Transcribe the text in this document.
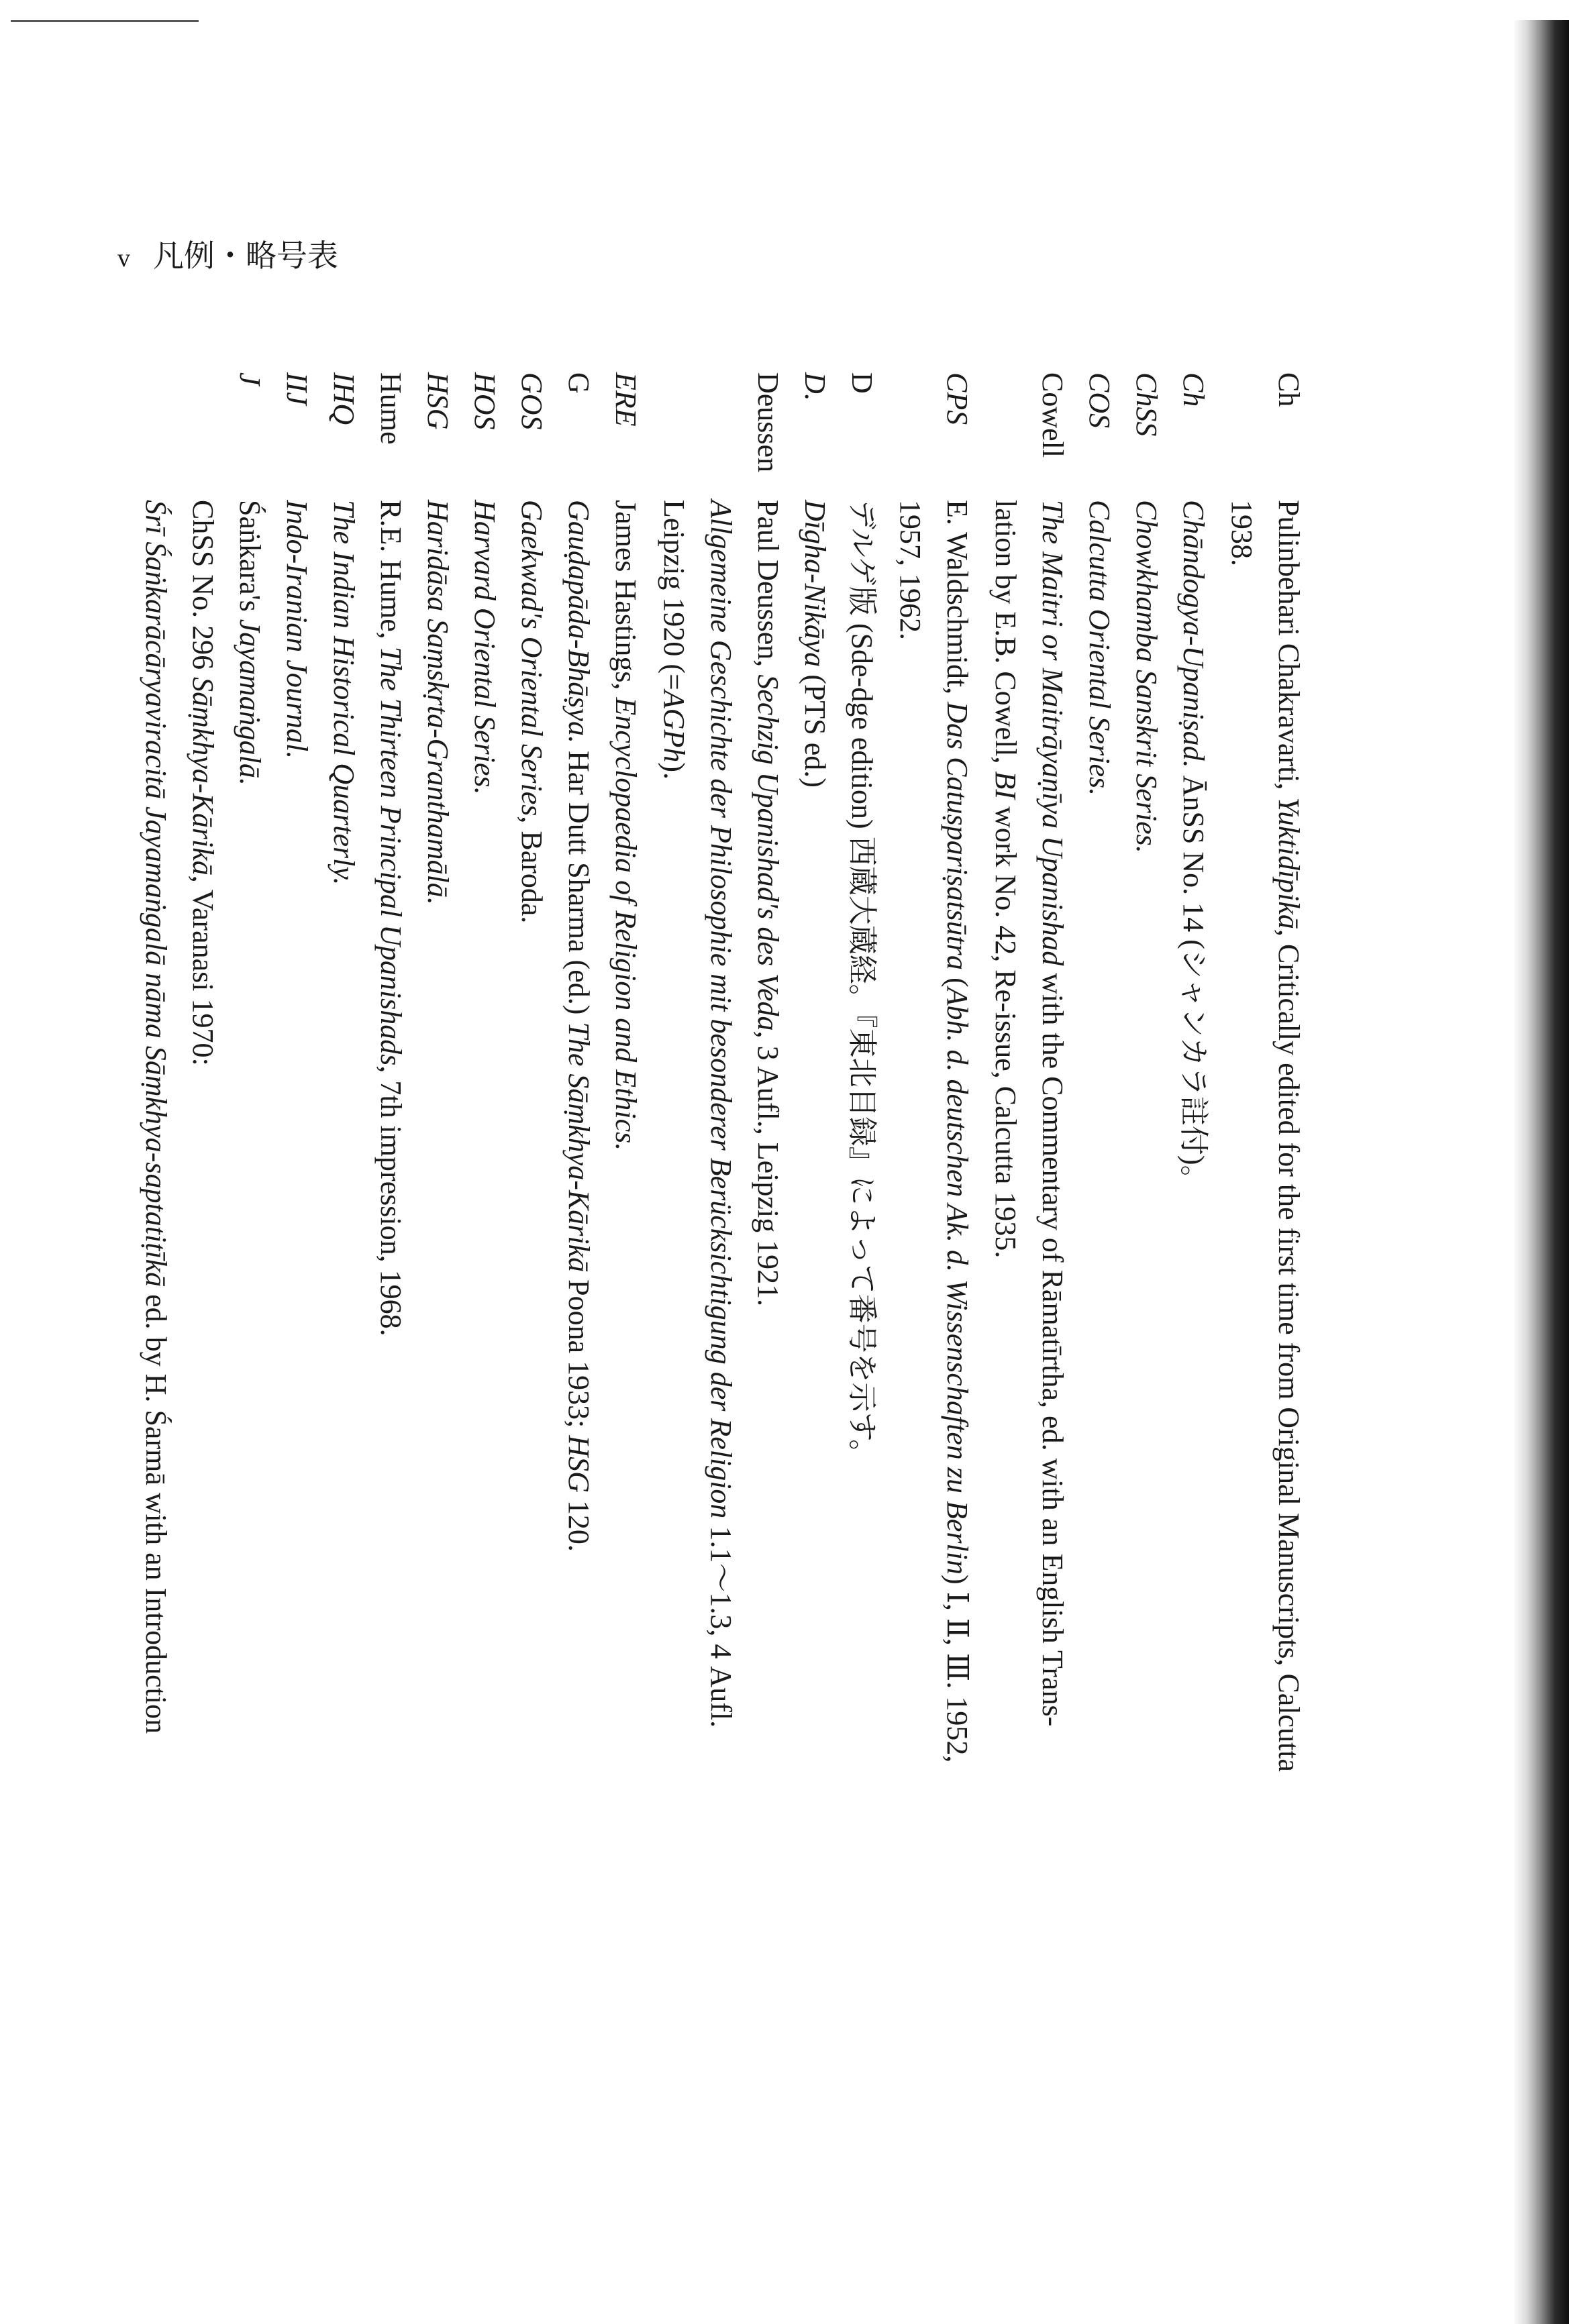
v 凡例・略号表
Ch
Pulinbehari Chakravarti, Yuktidīpikā, Critically edited for the first time from Original Manuscripts, Calcutta
1938.
Ch
Chāndogya-Upaniṣad. ĀnSS No. 14 (シャンカラ註付)。
ChSS
Chowkhamba Sanskrit Series.
COS
Calcutta Oriental Series.
Cowell
The Maitri or Maitrāyaṇīya Upanishad with the Commentary of Rāmatīrtha, ed. with an English Trans-
lation by E.B. Cowell, BI work No. 42, Re-issue, Calcutta 1935.
CPS
E. Waldschmidt, Das Catuṣpariṣatsūtra (Abh. d. deutschen Ak. d. Wissenschaften zu Berlin) Ⅰ, Ⅱ, Ⅲ. 1952,
1957, 1962.
D
デルゲ版 (Sde-dge edition) 西蔵大蔵経。『東北目録』によって番号を示す。
D.
Dīgha-Nikāya (PTS ed.)
Deussen
Paul Deussen, Sechzig Upanishad's des Veda, 3 Aufl., Leipzig 1921.
Allgemeine Geschichte der Philosophie mit besonderer Berücksichtigung der Religion 1.1〜1.3, 4 Aufl.
Leipzig 1920 (=AGPh).
ERE
James Hastings, Encyclopaedia of Religion and Ethics.
G
Gauḍapāda-Bhāṣya. Har Dutt Sharma (ed.) The Sāṃkhya-Kārikā Poona 1933; HSG 120.
GOS
Gaekwad's Oriental Series, Baroda.
HOS
Harvard Oriental Series.
HSG
Haridāsa Saṃskṛta-Granthamālā.
Hume
R.E. Hume, The Thirteen Principal Upanishads, 7th impression, 1968.
IHQ
The Indian Historical Quarterly.
IIJ
Indo-Iranian Journal.
J
Śaṅkara's Jayamaṅgalā.
ChSS No. 296 Sāṃkhya-Kārikā, Varanasi 1970:
Śrī Śaṅkarācāryaviracitā Jayamaṅgalā nāma Sāṃkhya-saptatiṭīkā ed. by H. Śarmā with an Introduction
